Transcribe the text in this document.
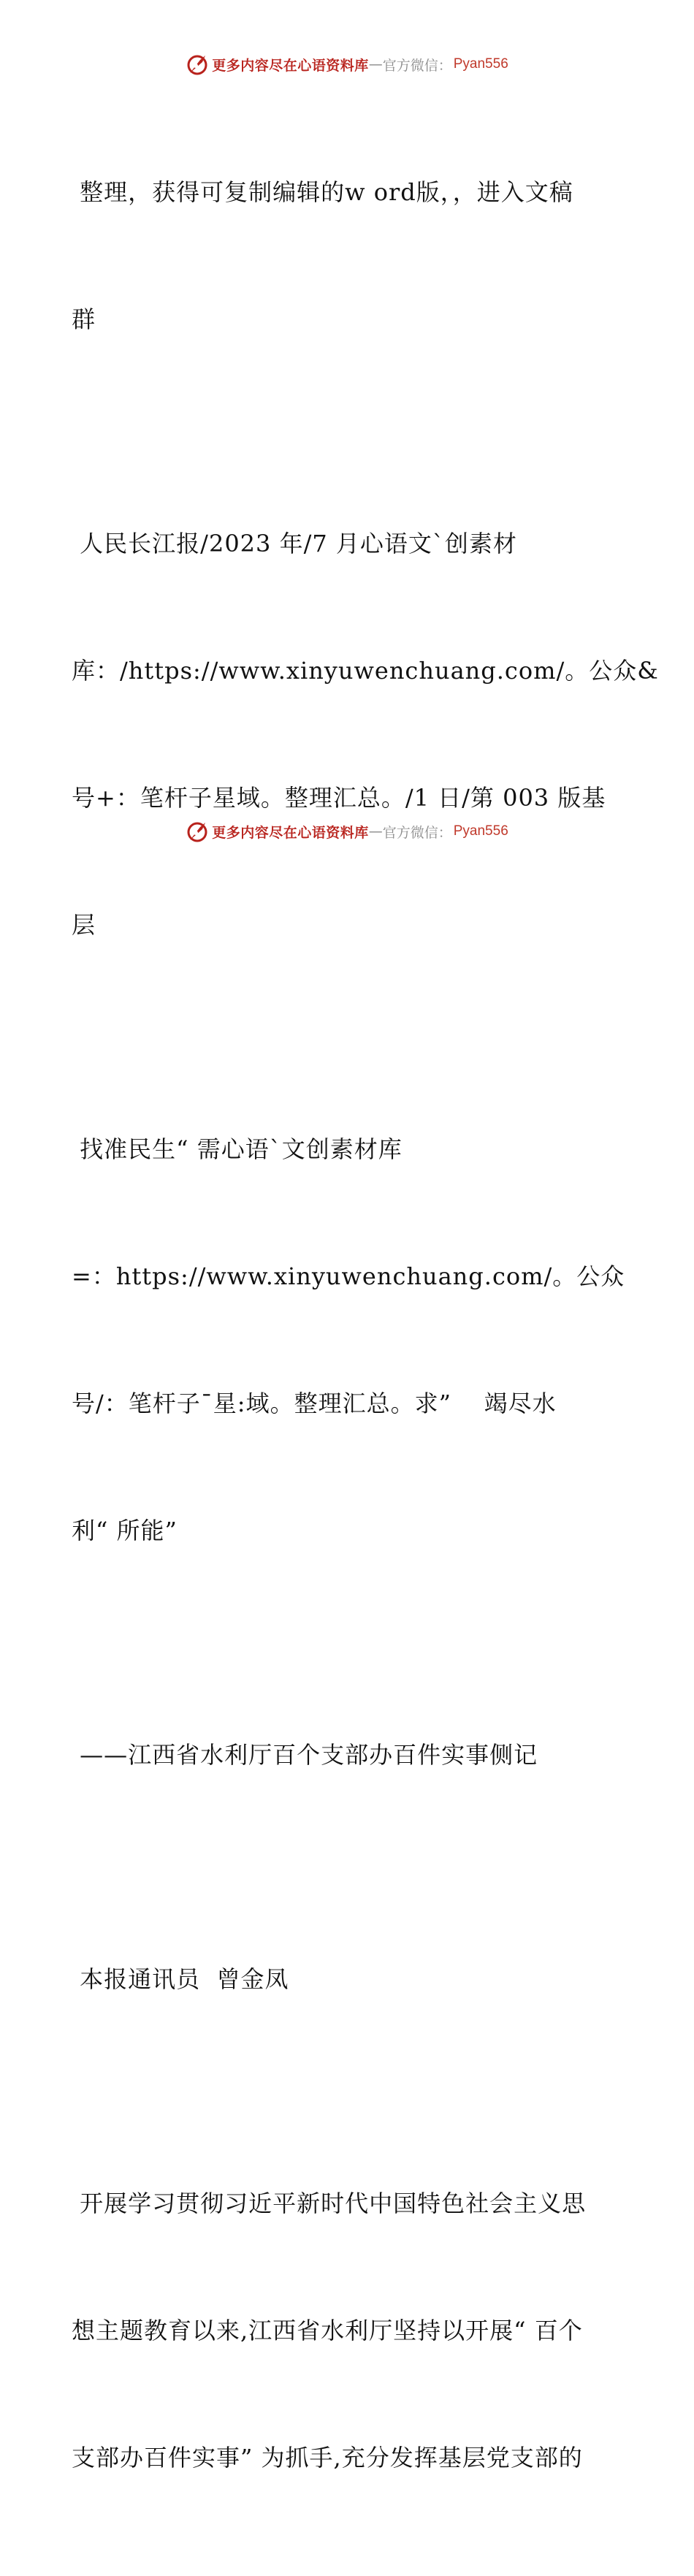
更多内容尽在心语资料库 — 官方微信： Pyan556

整理，获得可复制编辑的w ord版，，进入文稿

群

人民长江报/2023 年/7 月心语文`创素材

库：/https://www.xinyuwenchuang.com/。公众&

号+：笔杆子星域。整理汇总。/1 日/第 003 版基

层

找准民生“ 需心语`文创素材库

=：https://www.xinyuwenchuang.com/。公众

号/：笔杆子¯星:域。整理汇总。求”    竭尽水

利“ 所能”

——江西省水利厅百个支部办百件实事侧记

本报通讯员  曾金凤

开展学习贯彻习近平新时代中国特色社会主义思

想主题教育以来,江西省水利厅坚持以开展“ 百个

支部办百件实事” 为抓手,充分发挥基层党支部的

更多内容尽在心语资料库 — 官方微信： Pyan556
